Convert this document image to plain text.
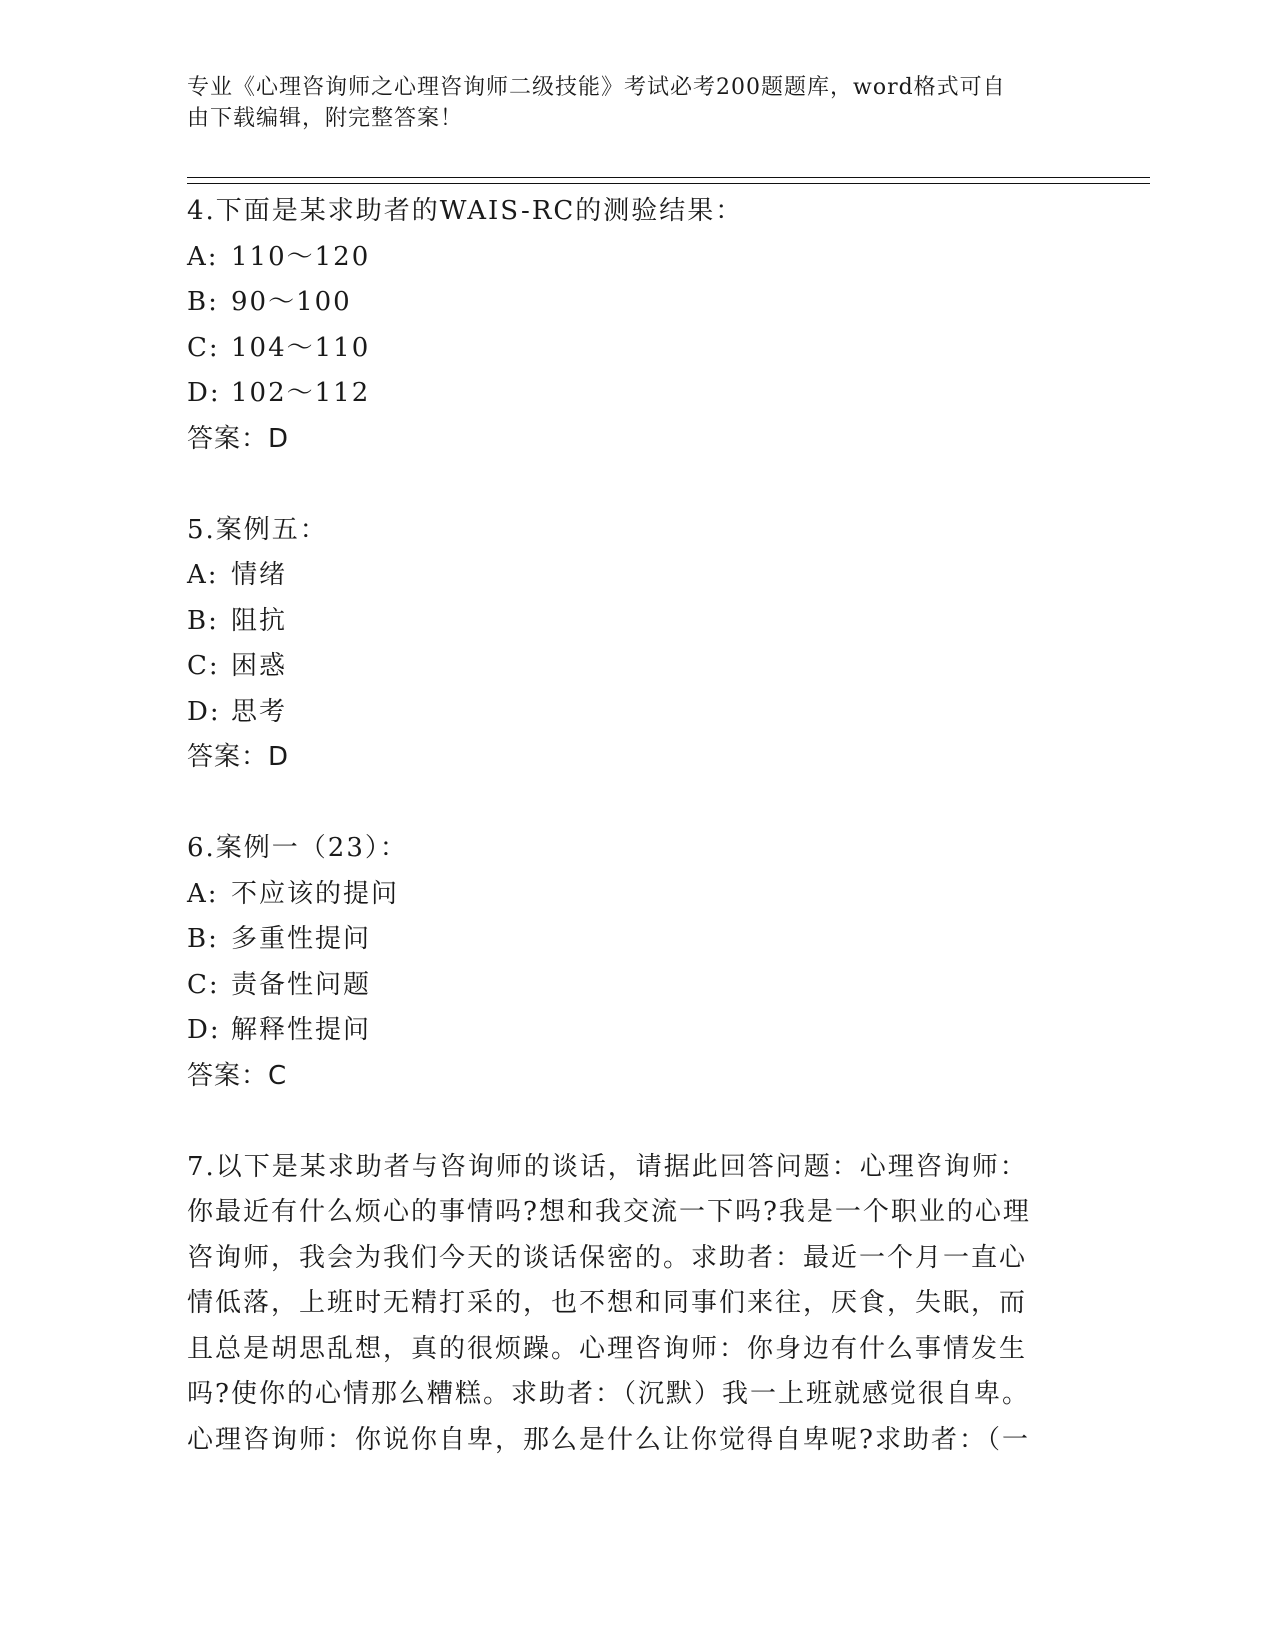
专业《心理咨询师之心理咨询师二级技能》考试必考200题题库，word格式可自
由下载编辑，附完整答案！
4.下面是某求助者的WAIS-RC的测验结果：
A: 110～120
B: 90～100
C: 104～110
D: 102～112
答案：D
5.案例五：
A: 情绪
B: 阻抗
C: 困惑
D: 思考
答案：D
6.案例一（23）：
A: 不应该的提问
B: 多重性提问
C: 责备性问题
D: 解释性提问
答案：C
7.以下是某求助者与咨询师的谈话，请据此回答问题：心理咨询师：
你最近有什么烦心的事情吗?想和我交流一下吗?我是一个职业的心理
咨询师，我会为我们今天的谈话保密的。求助者：最近一个月一直心
情低落，上班时无精打采的，也不想和同事们来往，厌食，失眠，而
且总是胡思乱想，真的很烦躁。心理咨询师：你身边有什么事情发生
吗?使你的心情那么糟糕。求助者：（沉默）我一上班就感觉很自卑。
心理咨询师：你说你自卑，那么是什么让你觉得自卑呢?求助者：（一
